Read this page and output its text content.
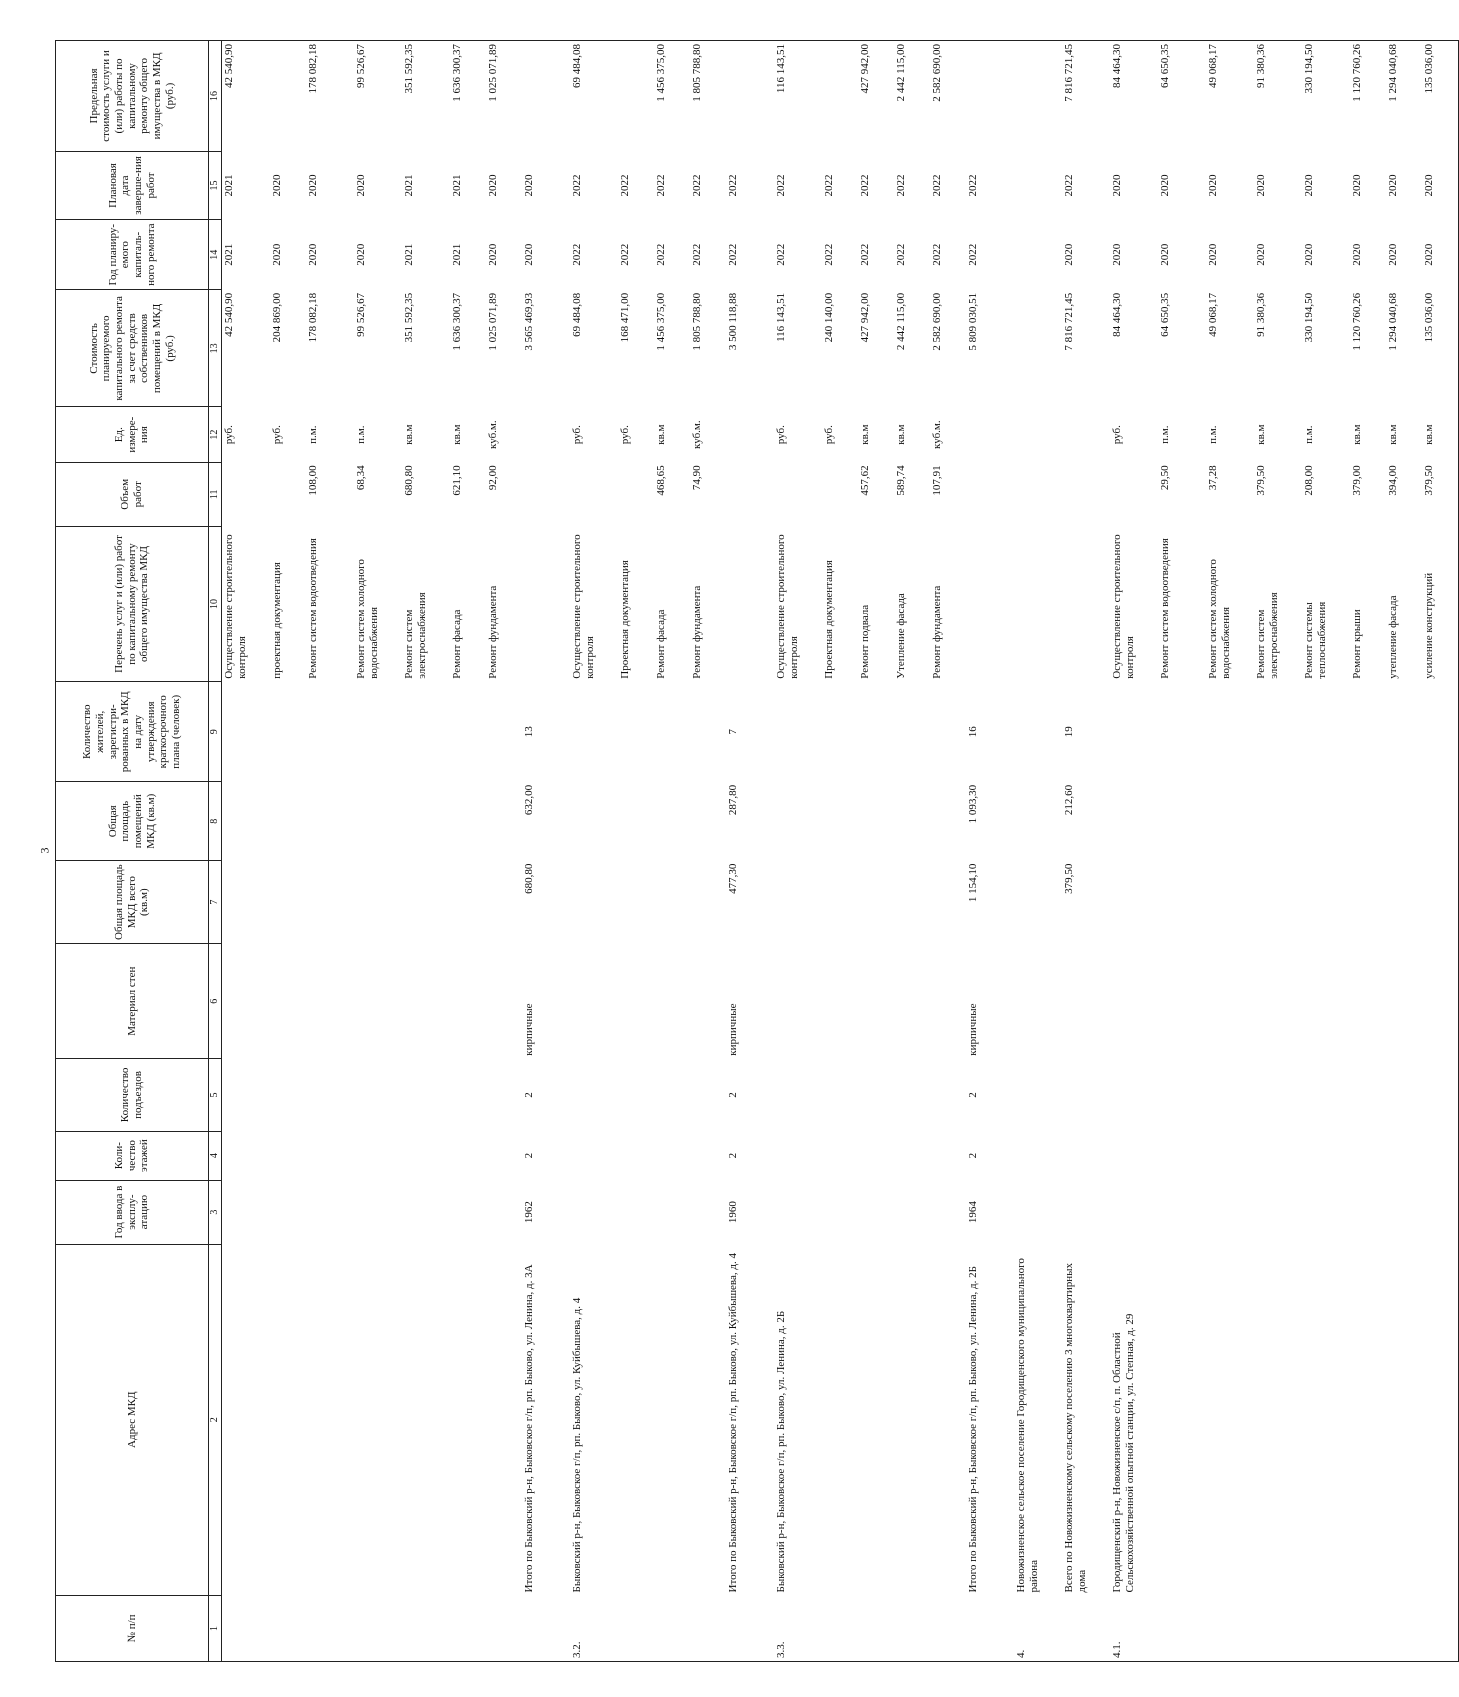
3
№ п/п	Адрес МКД	Год ввода в эксплу-атацию	Коли-чество этажей	Количество подъездов	Материал стен	Общая площадь МКД всего (кв.м)	Общая площадь помещений МКД (кв.м)	Количество жителей, зарегистри-рованных в МКД на дату утверждения краткосрочного плана (человек)	Перечень услуг и (или) работ по капитальному ремонту общего имущества МКД	Объем работ	Ед. измере-ния	Стоимость планируемого капитального ремонта за счет средств собственников помещений в МКД (руб.)	Год планиру-емого капиталь-ного ремонта	Плановая дата заверше-ния работ	Предельная стоимость услуги и (или) работы по капитальному ремонту общего имущества в МКД (руб.)
1	2	3	4	5	6	7	8	9	10	11	12	13	14	15	16
									Осуществление строительного контроля		руб.	42 540,90	2021	2021	42 540,90
									проектная документация		руб.	204 869,00	2020	2020	
									Ремонт систем водоотведения	108,00	п.м.	178 082,18	2020	2020	178 082,18
									Ремонт систем холодного водоснабжения	68,34	п.м.	99 526,67	2020	2020	99 526,67
									Ремонт систем электроснабжения	680,80	кв.м	351 592,35	2021	2021	351 592,35
									Ремонт фасада	621,10	кв.м	1 636 300,37	2021	2021	1 636 300,37
									Ремонт фундамента	92,00	куб.м.	1 025 071,89	2020	2020	1 025 071,89
	Итого по Быковский р-н, Быковское г/п, рп. Быково, ул. Ленина, д. 3А	1962	2	2	кирпичные	680,80	632,00	13				3 565 469,93	2020	2020	
3.2.	Быковский р-н, Быковское г/п, рп. Быково, ул. Куйбышева, д. 4								Осуществление строительного контроля		руб.	69 484,08	2022	2022	69 484,08
									Проектная документация		руб.	168 471,00	2022	2022	
									Ремонт фасада	468,65	кв.м	1 456 375,00	2022	2022	1 456 375,00
									Ремонт фундамента	74,90	куб.м.	1 805 788,80	2022	2022	1 805 788,80
	Итого по Быковский р-н, Быковское г/п, рп. Быково, ул. Куйбышева, д. 4	1960	2	2	кирпичные	477,30	287,80	7				3 500 118,88	2022	2022	
3.3.	Быковский р-н, Быковское г/п, рп. Быково, ул. Ленина, д. 2Б								Осуществление строительного контроля		руб.	116 143,51	2022	2022	116 143,51
									Проектная документация		руб.	240 140,00	2022	2022	
									Ремонт подвала	457,62	кв.м	427 942,00	2022	2022	427 942,00
									Утепление фасада	589,74	кв.м	2 442 115,00	2022	2022	2 442 115,00
									Ремонт фундамента	107,91	куб.м.	2 582 690,00	2022	2022	2 582 690,00
	Итого по Быковский р-н, Быковское г/п, рп. Быково, ул. Ленина, д. 2Б	1964	2	2	кирпичные	1 154,10	1 093,30	16				5 809 030,51	2022	2022	
4.	Новожизненское сельское поселение Городищенского муниципального района														
	Всего по Новожизненскому сельскому поселению 3 многоквартирных дома					379,50	212,60	19				7 816 721,45	2020	2022	7 816 721,45
4.1.	Городищенский р-н, Новожизненское с/п, п. Областной Сельскохозяйственной опытной станции, ул. Степная, д. 29								Осуществление строительного контроля		руб.	84 464,30	2020	2020	84 464,30
									Ремонт систем водоотведения	29,50	п.м.	64 650,35	2020	2020	64 650,35
									Ремонт систем холодного водоснабжения	37,28	п.м.	49 068,17	2020	2020	49 068,17
									Ремонт систем электроснабжения	379,50	кв.м	91 380,36	2020	2020	91 380,36
									Ремонт системы теплоснабжения	208,00	п.м.	330 194,50	2020	2020	330 194,50
									Ремонт крыши	379,00	кв.м	1 120 760,26	2020	2020	1 120 760,26
									утепление фасада	394,00	кв.м	1 294 040,68	2020	2020	1 294 040,68
									усиление конструкций	379,50	кв.м	135 036,00	2020	2020	135 036,00
